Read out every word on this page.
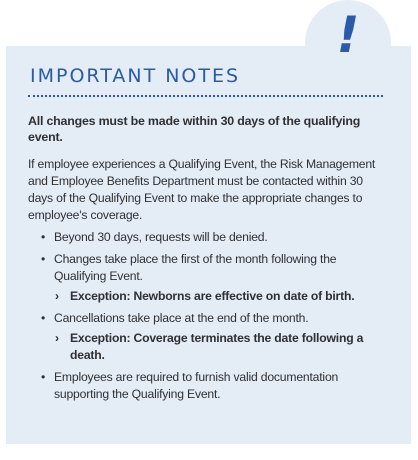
IMPORTANT NOTES

All changes must be made within 30 days of the qualifying event.

If employee experiences a Qualifying Event, the Risk Management and Employee Benefits Department must be contacted within 30 days of the Qualifying Event to make the appropriate changes to employee's coverage.

• Beyond 30 days, requests will be denied.
• Changes take place the first of the month following the Qualifying Event.
› Exception: Newborns are effective on date of birth.
• Cancellations take place at the end of the month.
› Exception: Coverage terminates the date following a death.
• Employees are required to furnish valid documentation supporting the Qualifying Event.
!
